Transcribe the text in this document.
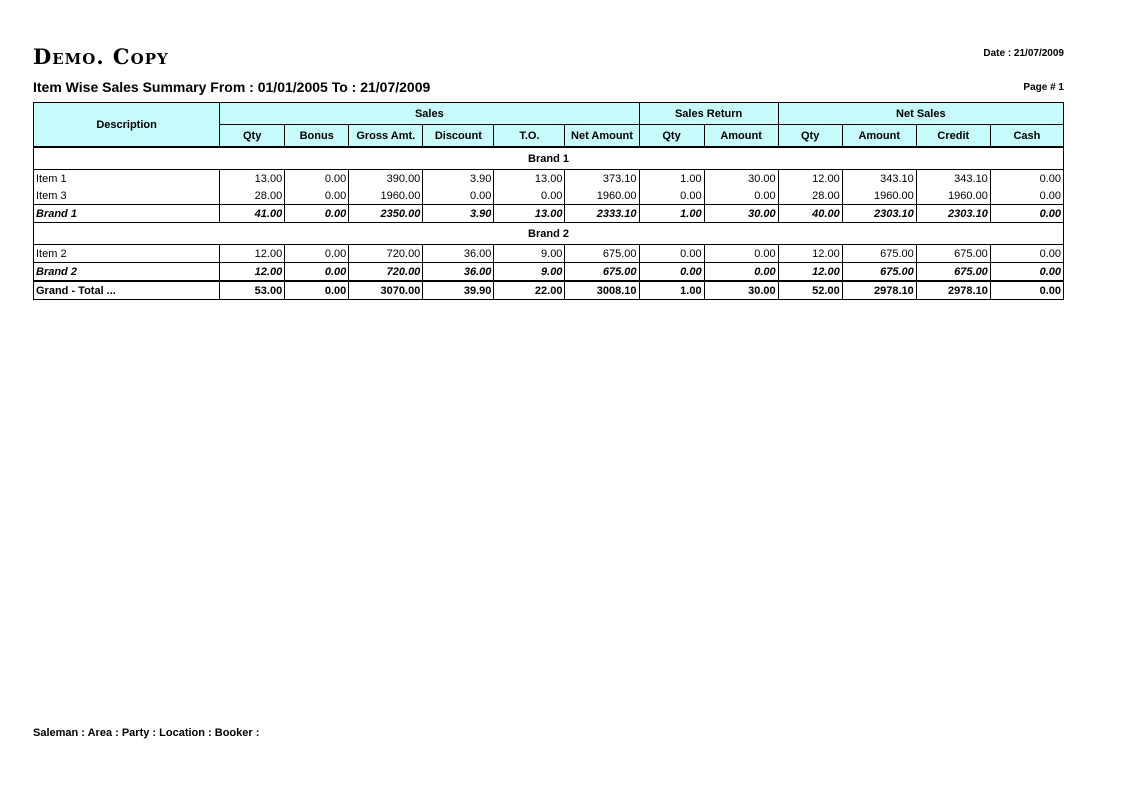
Demo. Copy	Date : 21/07/2009
Item Wise Sales Summary From : 01/01/2005 To : 21/07/2009	Page # 1
Description	Sales						Sales Return		Net Sales			
	Qty	Bonus	Gross Amt.	Discount	T.O.	Net Amount	Qty	Amount	Qty	Amount	Credit	Cash
Brand 1												
Item 1	13.00	0.00	390.00	3.90	13.00	373.10	1.00	30.00	12.00	343.10	343.10	0.00
Item 3	28.00	0.00	1960.00	0.00	0.00	1960.00	0.00	0.00	28.00	1960.00	1960.00	0.00
Brand 1	41.00	0.00	2350.00	3.90	13.00	2333.10	1.00	30.00	40.00	2303.10	2303.10	0.00
Brand 2												
Item 2	12.00	0.00	720.00	36.00	9.00	675.00	0.00	0.00	12.00	675.00	675.00	0.00
Brand 2	12.00	0.00	720.00	36.00	9.00	675.00	0.00	0.00	12.00	675.00	675.00	0.00
Grand - Total ...	53.00	0.00	3070.00	39.90	22.00	3008.10	1.00	30.00	52.00	2978.10	2978.10	0.00
Saleman : Area : Party : Location : Booker :
